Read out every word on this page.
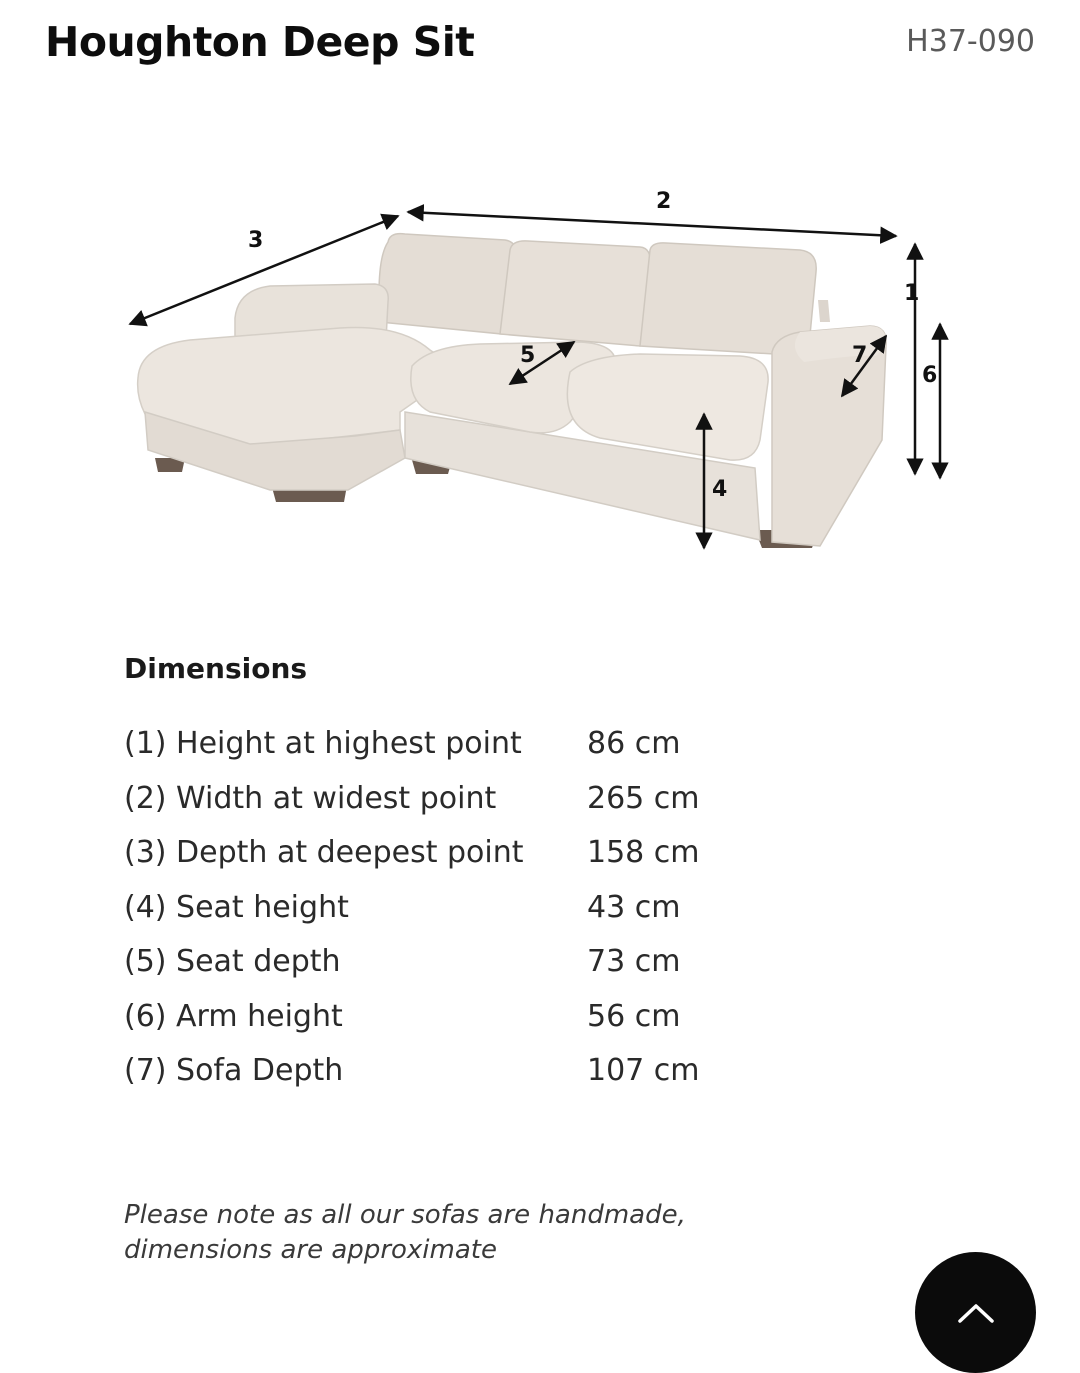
Houghton Deep Sit	H37-090
1
2
3
4
5
6
7
Dimensions
(1) Height at highest point 86 cm
(2) Width at widest point	265 cm
(3) Depth at deepest point 158 cm
(4) Seat height	43 cm
(5) Seat depth	73 cm
(6) Arm height	56 cm
(7) Sofa Depth	107 cm
Please note as all our sofas are handmade,
dimensions are approximate
